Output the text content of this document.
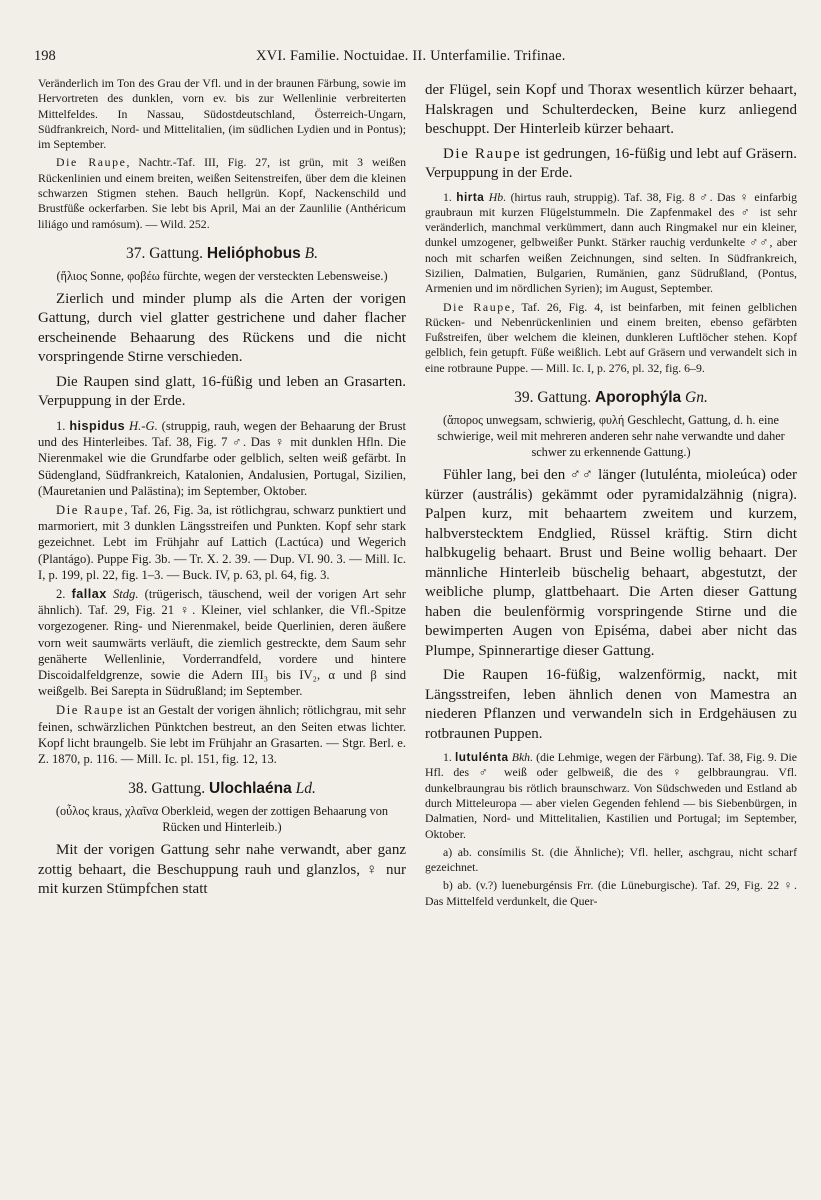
198	XVI. Familie. Noctuidae. II. Unterfamilie. Trifinae.

Veränderlich im Ton des Grau der Vfl. und in der braunen Färbung, sowie im Hervortreten des dunklen, vorn ev. bis zur Wellenlinie verbreiterten Mittelfeldes. In Nassau, Südostdeutschland, Österreich-Ungarn, Südfrankreich, Nord- und Mittelitalien, (im südlichen Lydien und in Pontus); im September.

Die Raupe, Nachtr.-Taf. III, Fig. 27, ist grün, mit 3 weißen Rückenlinien und einem breiten, weißen Seitenstreifen, über dem die kleinen schwarzen Stigmen stehen. Bauch hellgrün. Kopf, Nackenschild und Brustfüße ockerfarben. Sie lebt bis April, Mai an der Zaunlilie (Anthéricum liliágo und ramósum). — Wild. 252.

37. Gattung. Helióphobus B.

(ἥλιος Sonne, φοβέω fürchte, wegen der versteckten Lebensweise.)

Zierlich und minder plump als die Arten der vorigen Gattung, durch viel glatter gestrichene und daher flacher erscheinende Behaarung des Rückens und die nicht vorspringende Stirne verschieden.

Die Raupen sind glatt, 16-füßig und leben an Grasarten. Verpuppung in der Erde.

1. hispidus H.-G. (struppig, rauh, wegen der Behaarung der Brust und des Hinterleibes. Taf. 38, Fig. 7 ♂. Das ♀ mit dunklen Hfln. Die Nierenmakel wie die Grundfarbe oder gelblich, selten weiß gefärbt. In Südengland, Südfrankreich, Katalonien, Andalusien, Portugal, Sizilien, (Mauretanien und Palästina); im September, Oktober.

Die Raupe, Taf. 26, Fig. 3a, ist rötlichgrau, schwarz punktiert und marmoriert, mit 3 dunklen Längsstreifen und Punkten. Kopf sehr stark gezeichnet. Lebt im Frühjahr auf Lattich (Lactúca) und Wegerich (Plantágo). Puppe Fig. 3b. — Tr. X. 2. 39. — Dup. VI. 90. 3. — Mill. Ic. I, p. 199, pl. 22, fig. 1–3. — Buck. IV, p. 63, pl. 64, fig. 3.

2. fallax Stdg. (trügerisch, täuschend, weil der vorigen Art sehr ähnlich). Taf. 29, Fig. 21 ♀. Kleiner, viel schlanker, die Vfl.-Spitze vorgezogener. Ring- und Nierenmakel, beide Querlinien, deren äußere vorn weit saumwärts verläuft, die ziemlich gestreckte, dem Saum sehr genäherte Wellenlinie, Vorderrandfeld, vordere und hintere Discoidalfeldgrenze, sowie die Adern III₃ bis IV₂, α und β sind weißgelb. Bei Sarepta in Südrußland; im September.

Die Raupe ist an Gestalt der vorigen ähnlich; rötlichgrau, mit sehr feinen, schwärzlichen Pünktchen bestreut, an den Seiten etwas lichter. Kopf licht braungelb. Sie lebt im Frühjahr an Grasarten. — Stgr. Berl. e. Z. 1870, p. 116. — Mill. Ic. pl. 151, fig. 12, 13.

38. Gattung. Ulochlaéna Ld.

(οὖλος kraus, χλαῖνα Oberkleid, wegen der zottigen Behaarung von Rücken und Hinterleib.)

Mit der vorigen Gattung sehr nahe verwandt, aber ganz zottig behaart, die Beschuppung rauh und glanzlos, ♀ nur mit kurzen Stümpfchen statt

der Flügel, sein Kopf und Thorax wesentlich kürzer behaart, Halskragen und Schulterdecken, Beine kurz anliegend beschuppt. Der Hinterleib kürzer behaart.

Die Raupe ist gedrungen, 16-füßig und lebt auf Gräsern. Verpuppung in der Erde.

1. hirta Hb. (hirtus rauh, struppig). Taf. 38, Fig. 8 ♂. Das ♀ einfarbig graubraun mit kurzen Flügelstummeln. Die Zapfenmakel des ♂ ist sehr veränderlich, manchmal verkümmert, dann auch Ringmakel nur ein kleiner, dunkel umzogener, gelbweißer Punkt. Stärker rauchig verdunkelte ♂♂, aber noch mit scharfen weißen Zeichnungen, sind selten. In Südfrankreich, Sizilien, Dalmatien, Bulgarien, Rumänien, ganz Südrußland, (Pontus, Armenien und im nördlichen Syrien); im August, September.

Die Raupe, Taf. 26, Fig. 4, ist beinfarben, mit feinen gelblichen Rücken- und Nebenrückenlinien und einem breiten, ebenso gefärbten Fußstreifen, über welchem die kleinen, dunkleren Luftlöcher stehen. Kopf gelblich, fein getupft. Füße weißlich. Lebt auf Gräsern und verwandelt sich in eine rotbraune Puppe. — Mill. Ic. I, p. 276, pl. 32, fig. 6–9.

39. Gattung. Aporophýla Gn.

(ἄπορος unwegsam, schwierig, φυλή Geschlecht, Gattung, d. h. eine schwierige, weil mit mehreren anderen sehr nahe verwandte und daher schwer zu erkennende Gattung.)

Fühler lang, bei den ♂♂ länger (lutulénta, mioleúca) oder kürzer (austrális) gekämmt oder pyramidalzähnig (nigra). Palpen kurz, mit behaartem zweitem und kurzem, halbverstecktem Endglied, Rüssel kräftig. Stirn dicht halbkugelig behaart. Brust und Beine wollig behaart. Der männliche Hinterleib büschelig behaart, abgestutzt, der weibliche plump, glattbehaart. Die Arten dieser Gattung haben die beulenförmig vorspringende Stirne und die bewimperten Augen von Episéma, dabei aber nicht das Plumpe, Spinnerartige dieser Gattung.

Die Raupen 16-füßig, walzenförmig, nackt, mit Längsstreifen, leben ähnlich denen von Mamestra an niederen Pflanzen und verwandeln sich in Erdgehäusen zu rotbraunen Puppen.

1. lutulénta Bkh. (die Lehmige, wegen der Färbung). Taf. 38, Fig. 9. Die Hfl. des ♂ weiß oder gelbweiß, die des ♀ gelbbraungrau. Vfl. dunkelbraungrau bis rötlich braunschwarz. Von Südschweden und Estland ab durch Mitteleuropa — aber vielen Gegenden fehlend — bis Siebenbürgen, in Dalmatien, Nord- und Mittelitalien, Kastilien und Portugal; im September, Oktober.

a) ab. consímilis St. (die Ähnliche); Vfl. heller, aschgrau, nicht scharf gezeichnet.

b) ab. (v.?) lueneburgénsis Frr. (die Lüneburgische). Taf. 29, Fig. 22 ♀. Das Mittelfeld verdunkelt, die Quer-
